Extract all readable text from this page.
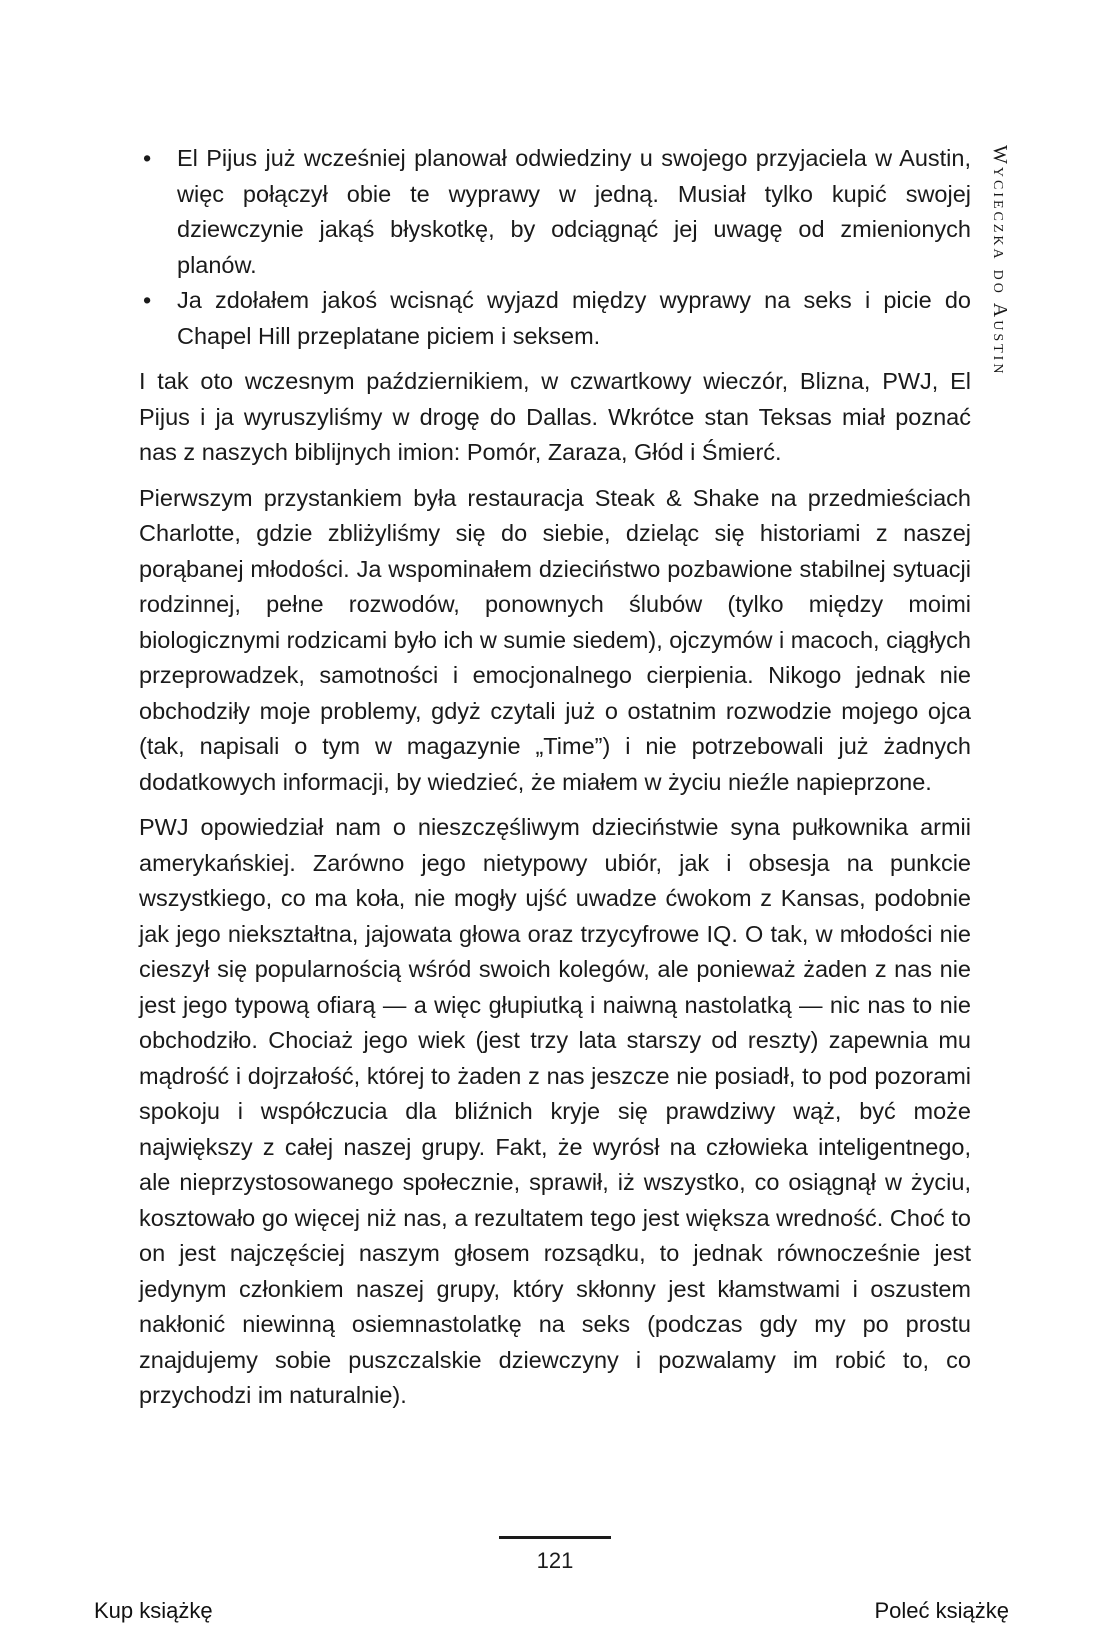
Wycieczka do Austin
• El Pijus już wcześniej planował odwiedziny u swojego przyjaciela w Austin, więc połączył obie te wyprawy w jedną. Musiał tylko kupić swojej dziewczynie jakąś błyskotkę, by odciągnąć jej uwagę od zmienionych planów.
• Ja zdołałem jakoś wcisnąć wyjazd między wyprawy na seks i picie do Chapel Hill przeplatane piciem i seksem.

I tak oto wczesnym październikiem, w czwartkowy wieczór, Blizna, PWJ, El Pijus i ja wyruszyliśmy w drogę do Dallas. Wkrótce stan Teksas miał poznać nas z naszych biblijnych imion: Pomór, Zaraza, Głód i Śmierć.

Pierwszym przystankiem była restauracja Steak & Shake na przedmieściach Charlotte, gdzie zbliżyliśmy się do siebie, dzieląc się historiami z naszej porąbanej młodości. Ja wspominałem dzieciństwo pozbawione stabilnej sytuacji rodzinnej, pełne rozwodów, ponownych ślubów (tylko między moimi biologicznymi rodzicami było ich w sumie siedem), ojczymów i macoch, ciągłych przeprowadzek, samotności i emocjonalnego cierpienia. Nikogo jednak nie obchodziły moje problemy, gdyż czytali już o ostatnim rozwodzie mojego ojca (tak, napisali o tym w magazynie „Time”) i nie potrzebowali już żadnych dodatkowych informacji, by wiedzieć, że miałem w życiu nieźle napieprzone.

PWJ opowiedział nam o nieszczęśliwym dzieciństwie syna pułkownika armii amerykańskiej. Zarówno jego nietypowy ubiór, jak i obsesja na punkcie wszystkiego, co ma koła, nie mogły ujść uwadze ćwokom z Kansas, podobnie jak jego niekształtna, jajowata głowa oraz trzycyfrowe IQ. O tak, w młodości nie cieszył się popularnością wśród swoich kolegów, ale ponieważ żaden z nas nie jest jego typową ofiarą — a więc głupiutką i naiwną nastolatką — nic nas to nie obchodziło. Chociaż jego wiek (jest trzy lata starszy od reszty) zapewnia mu mądrość i dojrzałość, której to żaden z nas jeszcze nie posiadł, to pod pozorami spokoju i współczucia dla bliźnich kryje się prawdziwy wąż, być może największy z całej naszej grupy. Fakt, że wyrósł na człowieka inteligentnego, ale nieprzystosowanego społecznie, sprawił, iż wszystko, co osiągnął w życiu, kosztowało go więcej niż nas, a rezultatem tego jest większa wredność. Choć to on jest najczęściej naszym głosem rozsądku, to jednak równocześnie jest jedynym członkiem naszej grupy, który skłonny jest kłamstwami i oszustem nakłonić niewinną osiemnastolatkę na seks (podczas gdy my po prostu znajdujemy sobie puszczalskie dziewczyny i pozwalamy im robić to, co przychodzi im naturalnie).

121
Kup książkę	Poleć książkę
